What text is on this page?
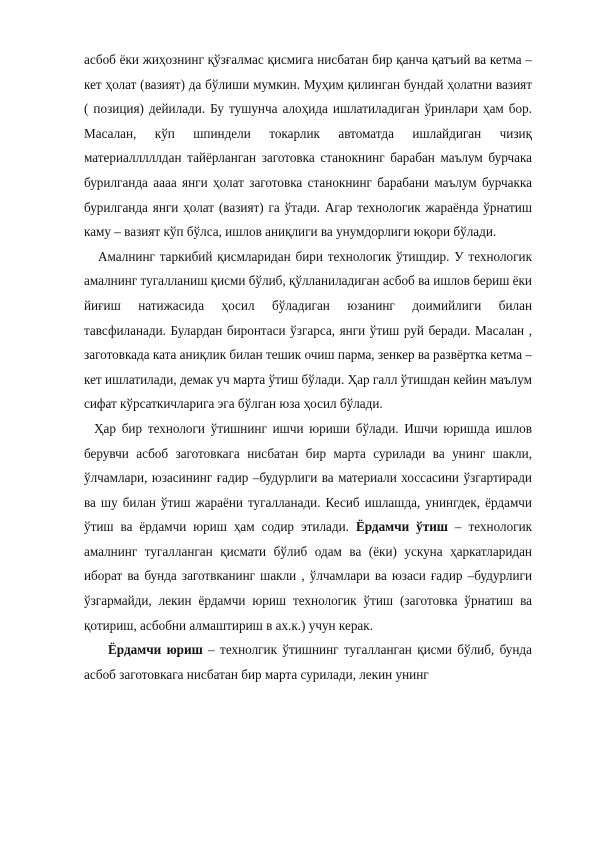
асбоб ёки жиҳознинг қўзғалмас қисмига нисбатан бир қанча қатъий ва кетма – кет ҳолат (вазият) да бўлиши мумкин. Муҳим қилинган бундай ҳолатни вазият ( позиция) дейилади. Бу тушунча алоҳида ишлатиладиган ўринлари ҳам бор. Масалан, кўп шпиндели токарлик автоматда ишлайдиган чизиқ материалллллдан тайёрланган заготовка станокнинг барабан маълум бурчака бурилганда аааа янги ҳолат заготовка станокнинг барабани маълум бурчакка бурилганда янги ҳолат (вазият) га ўтади. Агар технологик жараёнда ўрнатиш каму – вазият кўп бўлса, ишлов аниқлиги ва унумдорлиги юқори бўлади.

Амалнинг таркибий қисмларидан бири технологик ўтишдир. У технологик амалнинг тугалланиш қисми бўлиб, қўлланиладиган асбоб ва ишлов бериш ёки йиғиш натижасида ҳосил бўладиган юзанинг доимийлиги билан тавсфиланади. Булардан биронтаси ўзгарса, янги ўтиш руй беради. Масалан , заготовкада ката аниқлик билан тешик очиш парма, зенкер ва развёртка кетма – кет ишлатилади, демак уч марта ўтиш бўлади. Ҳар галл ўтишдан кейин маълум сифат кўрсаткичларига эга бўлган юза ҳосил бўлади.

Ҳар бир технологи ўтишнинг ишчи юриши бўлади. Ишчи юришда ишлов берувчи асбоб заготовкага нисбатан бир марта сурилади ва унинг шакли, ўлчамлари, юзасининг ғадир –будурлиги ва материали хоссасини ўзгартиради ва шу билан ўтиш жараёни тугалланади. Кесиб ишлашда, унингдек, ёрдамчи ўтиш ва ёрдамчи юриш ҳам содир этилади. Ёрдамчи ўтиш – технологик амалнинг тугалланган қисмати бўлиб одам ва (ёки) ускуна ҳаркатларидан иборат ва бунда заготвканинг шакли , ўлчамлари ва юзаси ғадир –будурлиги ўзгармайди, лекин ёрдамчи юриш технологик ўтиш (заготовка ўрнатиш ва қотириш, асбобни алмаштириш в ах.к.) учун керак.

Ёрдамчи юриш – технолгик ўтишнинг тугалланган қисми бўлиб, бунда асбоб заготовкага нисбатан бир марта сурилади, лекин унинг
